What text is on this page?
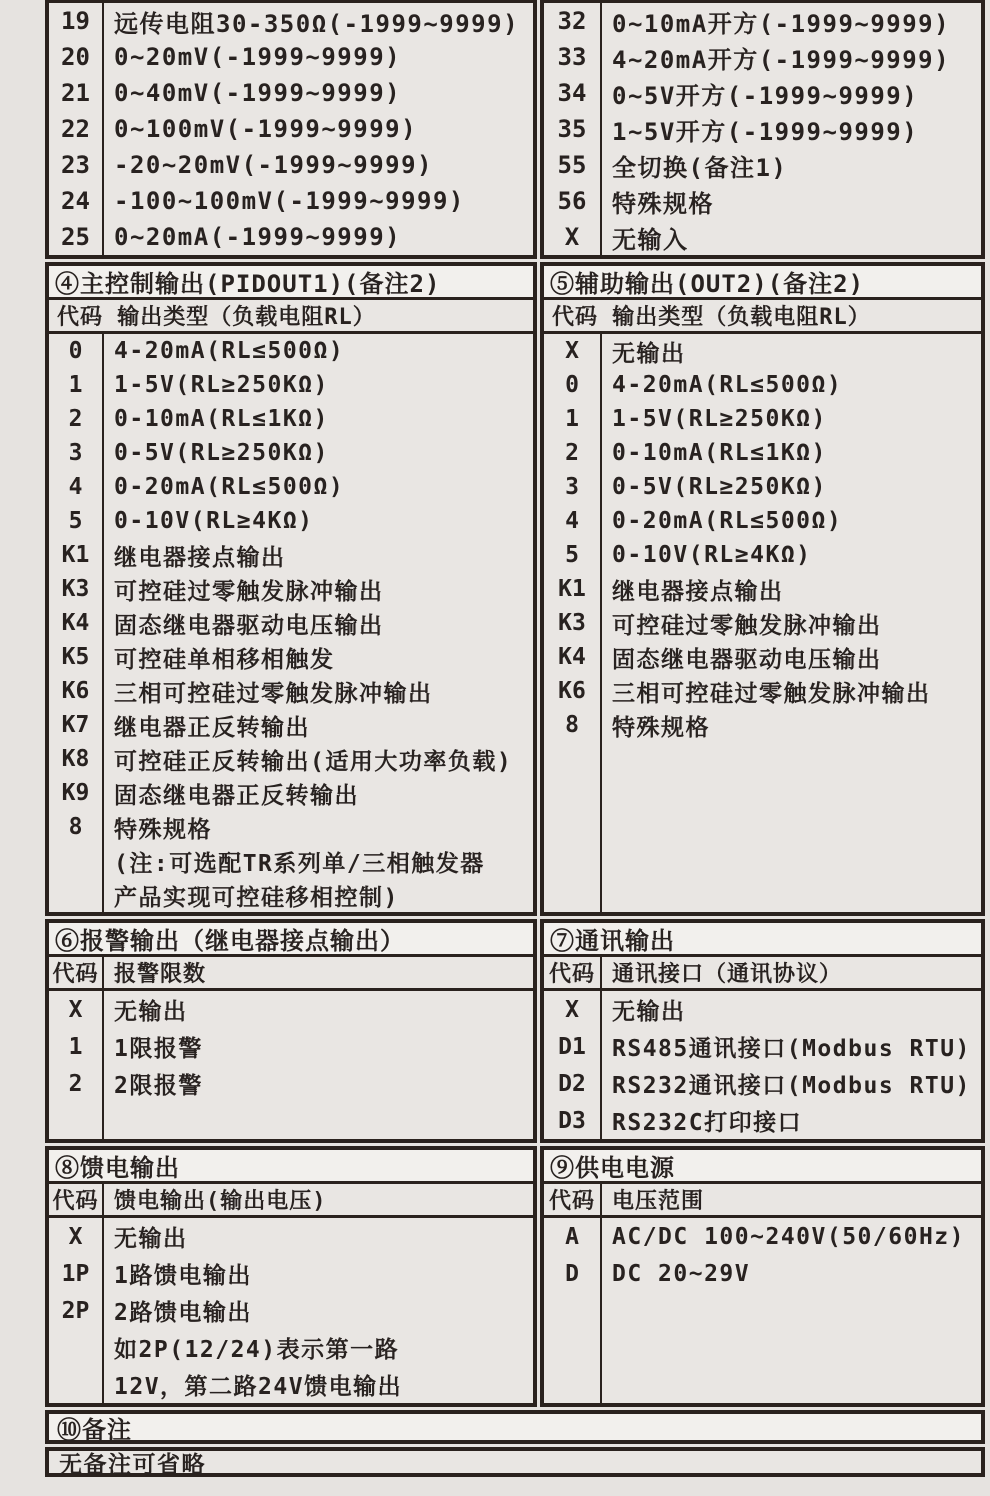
19	远传电阻30-350Ω(-1999~9999)
20	0~20mV(-1999~9999)
21	0~40mV(-1999~9999)
22	0~100mV(-1999~9999)
23	-20~20mV(-1999~9999)
24	-100~100mV(-1999~9999)
25	0~20mA(-1999~9999)
32	0~10mA开方(-1999~9999)
33	4~20mA开方(-1999~9999)
34	0~5V开方(-1999~9999)
35	1~5V开方(-1999~9999)
55	全切换(备注1)
56	特殊规格
X	无输入
④主控制输出(PIDOUT1)(备注2)
代码 输出类型（负载电阻RL）
0	4-20mA(RL≤500Ω)
1	1-5V(RL≥250KΩ)
2	0-10mA(RL≤1KΩ)
3	0-5V(RL≥250KΩ)
4	0-20mA(RL≤500Ω)
5	0-10V(RL≥4KΩ)
K1	继电器接点输出
K3	可控硅过零触发脉冲输出
K4	固态继电器驱动电压输出
K5	可控硅单相移相触发
K6	三相可控硅过零触发脉冲输出
K7	继电器正反转输出
K8	可控硅正反转输出(适用大功率负载)
K9	固态继电器正反转输出
8	特殊规格
(注:可选配TR系列单/三相触发器
产品实现可控硅移相控制)
⑤辅助输出(OUT2)(备注2)
代码 输出类型（负载电阻RL）
X	无输出
0	4-20mA(RL≤500Ω)
1	1-5V(RL≥250KΩ)
2	0-10mA(RL≤1KΩ)
3	0-5V(RL≥250KΩ)
4	0-20mA(RL≤500Ω)
5	0-10V(RL≥4KΩ)
K1	继电器接点输出
K3	可控硅过零触发脉冲输出
K4	固态继电器驱动电压输出
K6	三相可控硅过零触发脉冲输出
8	特殊规格
⑥报警输出（继电器接点输出）
代码 报警限数
X	无输出
1	1限报警
2	2限报警
⑦通讯输出
代码 通讯接口（通讯协议）
X	无输出
D1	RS485通讯接口(Modbus RTU)
D2	RS232通讯接口(Modbus RTU)
D3	RS232C打印接口
⑧馈电输出
代码 馈电输出(输出电压)
X	无输出
1P	1路馈电输出
2P	2路馈电输出
如2P(12/24)表示第一路
12V，第二路24V馈电输出
⑨供电电源
代码 电压范围
A	AC/DC 100~240V(50/60Hz)
D	DC 20~29V
⑩备注
无备注可省略
